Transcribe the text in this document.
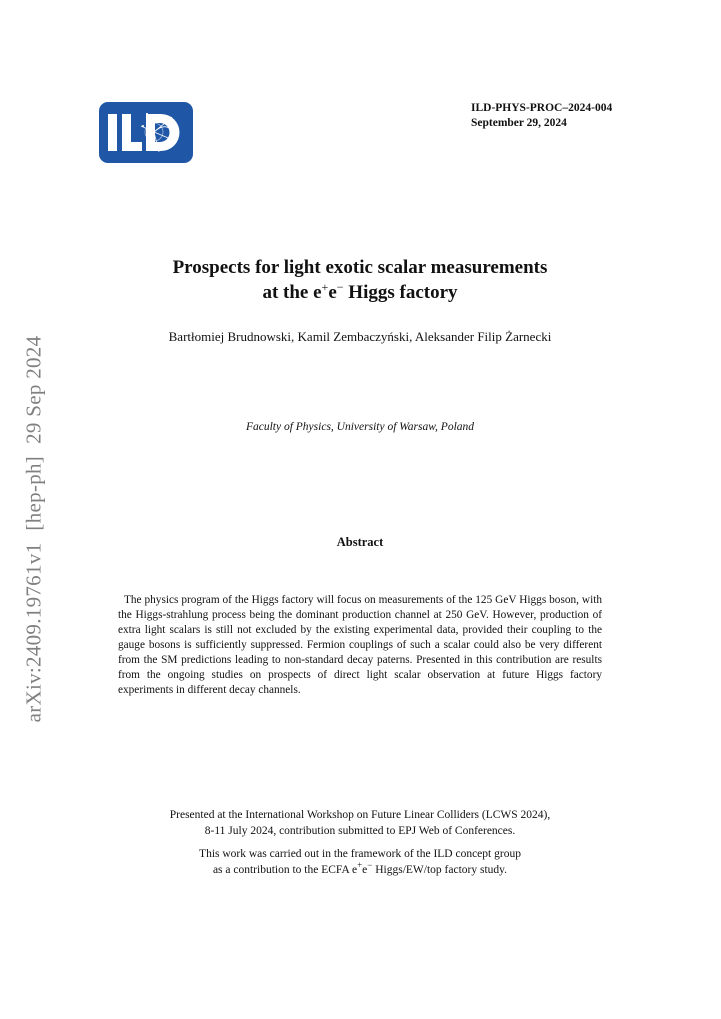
ILD-PHYS-PROC–2024-004
September 29, 2024
arXiv:2409.19761v1[hep-ph]29 Sep 2024
Prospects for light exotic scalar measurements
at the e+e− Higgs factory
Bartłomiej Brudnowski, Kamil Zembaczyński, Aleksander Filip Żarnecki
Faculty of Physics, University of Warsaw, Poland
Abstract

The physics program of the Higgs factory will focus on measurements of the 125 GeV Higgs boson, with the Higgs-strahlung process being the dominant production channel at 250 GeV. However, production of extra light scalars is still not excluded by the existing experimental data, provided their coupling to the gauge bosons is sufficiently suppressed. Fermion couplings of such a scalar could also be very different from the SM predictions leading to non-standard decay paterns. Presented in this contribution are results from the ongoing studies on prospects of direct light scalar observation at future Higgs factory experiments in different decay channels.

Presented at the International Workshop on Future Linear Colliders (LCWS 2024),
8-11 July 2024, contribution submitted to EPJ Web of Conferences.
This work was carried out in the framework of the ILD concept group
as a contribution to the ECFA e+e− Higgs/EW/top factory study.
